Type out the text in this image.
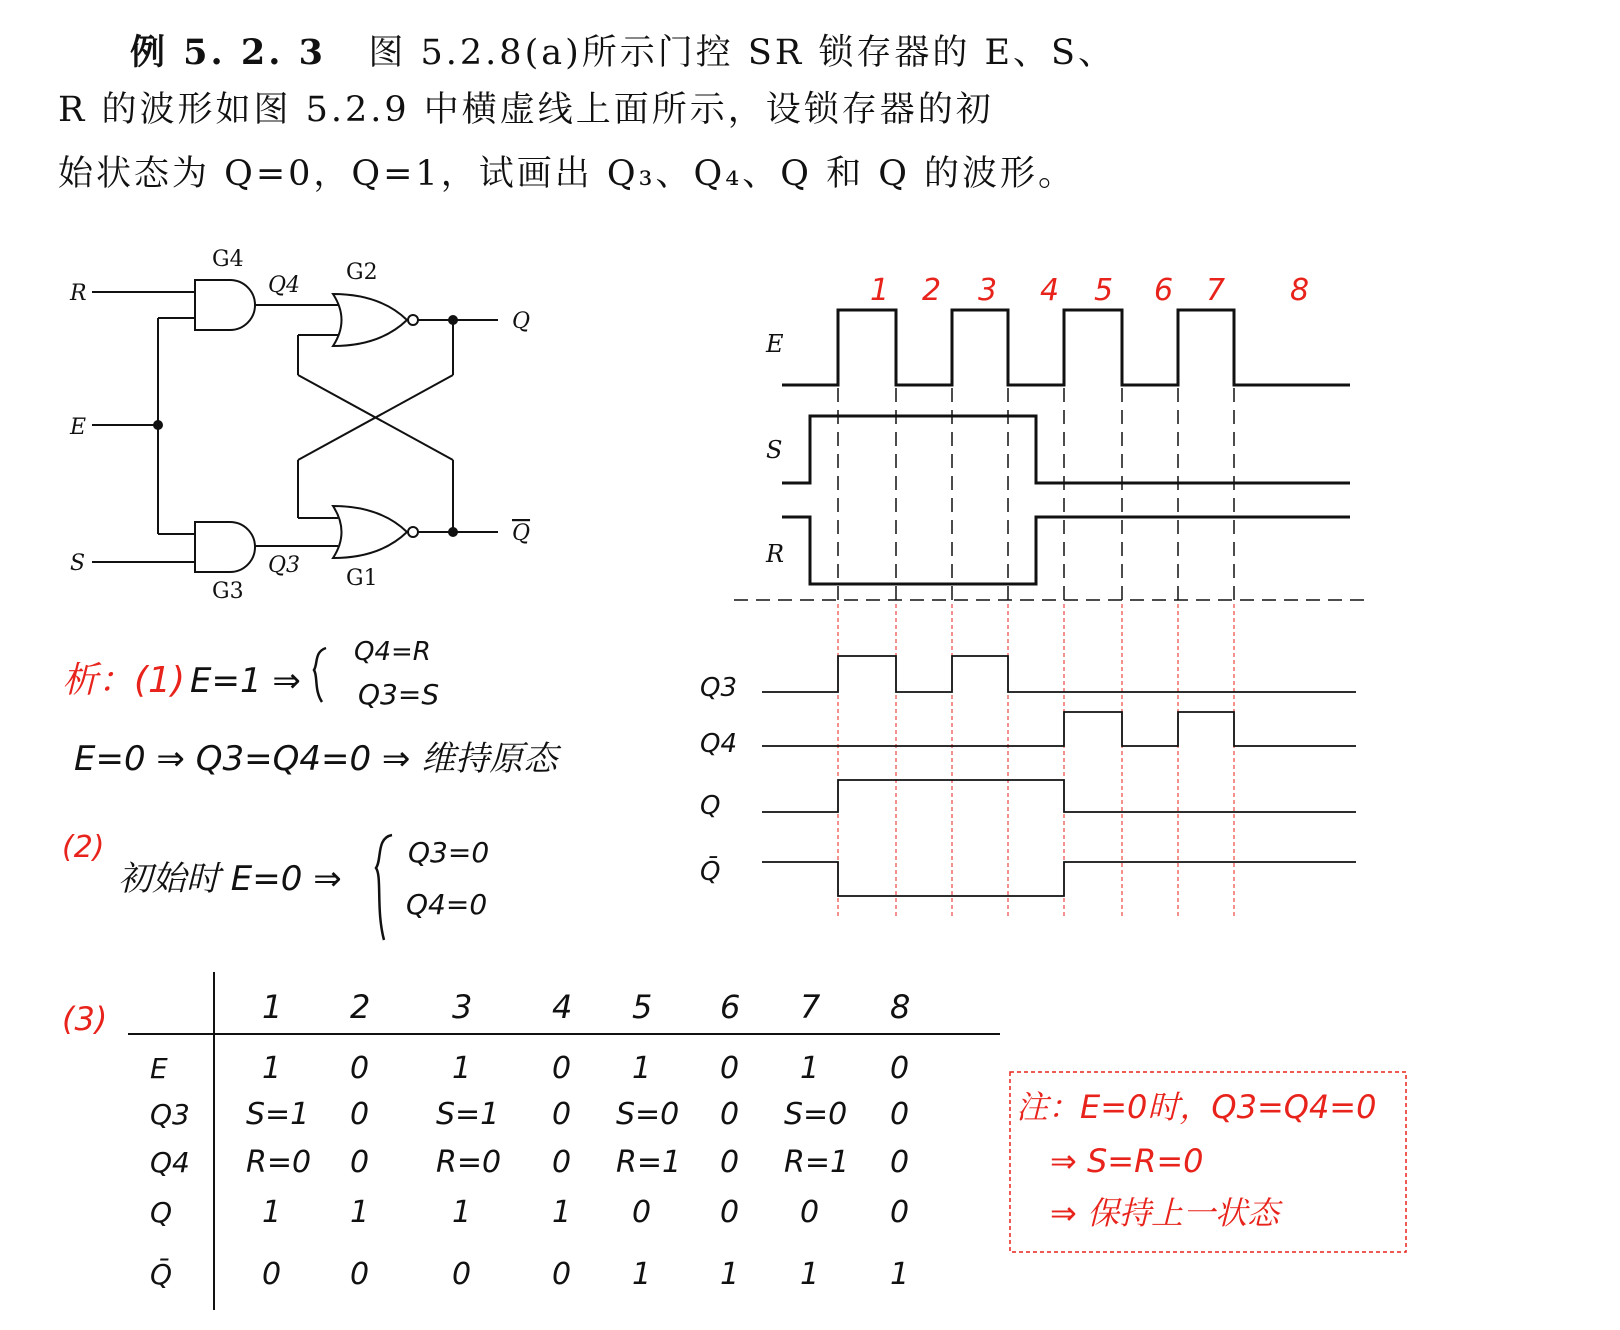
例 5. 2. 3 图 5.2.8(a)所示门控 SR 锁存器的 E、S、
R 的波形如图 5.2.9 中横虚线上面所示，设锁存器的初
始状态为 Q=0，Q=1，试画出 Q₃、Q₄、Q 和 Q 的波形。
R
E
S
Q
Q
G4
G2
G3
G1
Q4
Q3
1 2 3 4 5 6 7 8
E
S
R
Q3
Q4
Q
Q̄
析：(1) E=1 ⇒
Q4=R
Q3=S
E=0 ⇒ Q3=Q4=0 ⇒ 维持原态
(2)
初始时 E=0 ⇒
Q3=0
Q4=0
(3)	1 2	3 4 5 6 7 8
E	1 0	1	0 1 0 1 0
Q3 S=1 0 S=1 0 S=0 0 S=0 0
Q4 R=0 0 R=0 0 R=1 0 R=1 0
Q	1 1	1	1 0 0 0 0
Q̄	0 0	0	0 1 1 1 1
注：E=0时，Q3=Q4=0
⇒ S=R=0
⇒ 保持上一状态
